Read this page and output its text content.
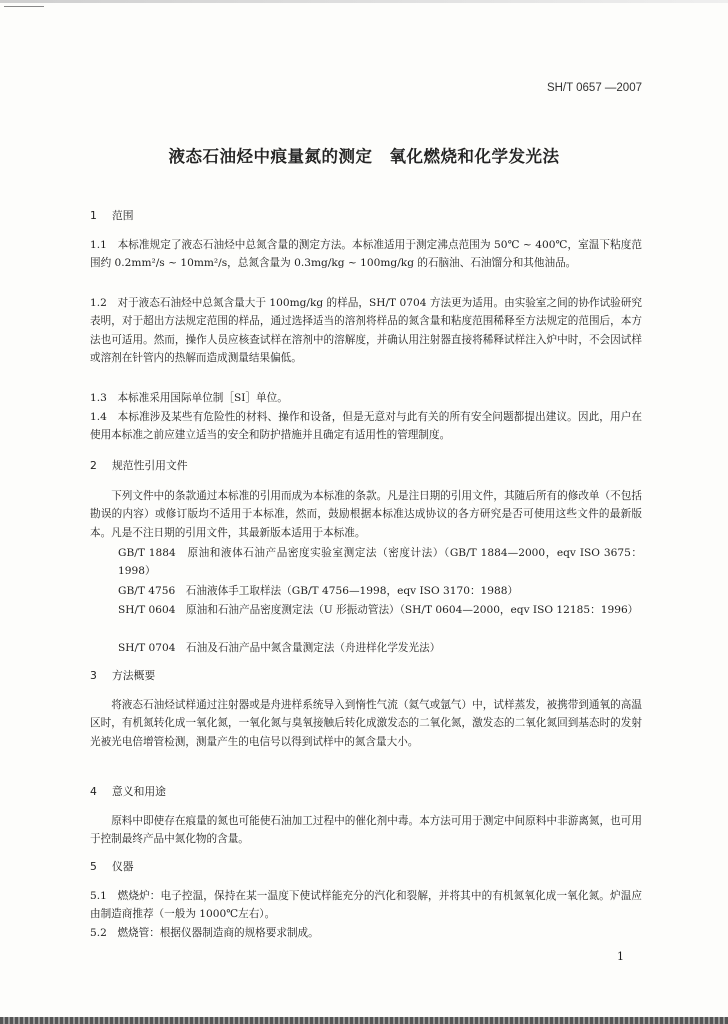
SH/T 0657 —2007
液态石油烃中痕量氮的测定　氧化燃烧和化学发光法
1 范围
1.1　本标准规定了液态石油烃中总氮含量的测定方法。本标准适用于测定沸点范围为 50℃ ~ 400℃，室温下粘度范围约 0.2mm²/s ~ 10mm²/s，总氮含量为 0.3mg/kg ~ 100mg/kg 的石脑油、石油馏分和其他油品。
1.2　对于液态石油烃中总氮含量大于 100mg/kg 的样品，SH/T 0704 方法更为适用。由实验室之间的协作试验研究表明，对于超出方法规定范围的样品，通过选择适当的溶剂将样品的氮含量和粘度范围稀释至方法规定的范围后，本方法也可适用。然而，操作人员应核查试样在溶剂中的溶解度，并确认用注射器直接将稀释试样注入炉中时，不会因试样或溶剂在针管内的热解而造成测量结果偏低。
1.3　本标准采用国际单位制［SI］单位。
1.4　本标准涉及某些有危险性的材料、操作和设备，但是无意对与此有关的所有安全问题都提出建议。因此，用户在使用本标准之前应建立适当的安全和防护措施并且确定有适用性的管理制度。
2 规范性引用文件
下列文件中的条款通过本标准的引用而成为本标准的条款。凡是注日期的引用文件，其随后所有的修改单（不包括勘误的内容）或修订版均不适用于本标准，然而，鼓励根据本标准达成协议的各方研究是否可使用这些文件的最新版本。凡是不注日期的引用文件，其最新版本适用于本标准。
GB/T 1884　原油和液体石油产品密度实验室测定法（密度计法）（GB/T 1884—2000，eqv ISO 3675：1998）
GB/T 4756　石油液体手工取样法（GB/T 4756—1998，eqv ISO 3170：1988）
SH/T 0604　原油和石油产品密度测定法（U 形振动管法）（SH/T 0604—2000，eqv ISO 12185：1996）
SH/T 0704　石油及石油产品中氮含量测定法（舟进样化学发光法）
3 方法概要
将液态石油烃试样通过注射器或是舟进样系统导入到惰性气流（氦气或氩气）中，试样蒸发，被携带到通氧的高温区时，有机氮转化成一氧化氮，一氧化氮与臭氧接触后转化成激发态的二氧化氮，激发态的二氧化氮回到基态时的发射光被光电倍增管检测，测量产生的电信号以得到试样中的氮含量大小。
4 意义和用途
原料中即使存在痕量的氮也可能使石油加工过程中的催化剂中毒。本方法可用于测定中间原料中非游离氮，也可用于控制最终产品中氮化物的含量。
5 仪器
5.1　燃烧炉：电子控温，保持在某一温度下使试样能充分的汽化和裂解，并将其中的有机氮氧化成一氧化氮。炉温应由制造商推荐（一般为 1000℃左右）。
5.2　燃烧管：根据仪器制造商的规格要求制成。
1
